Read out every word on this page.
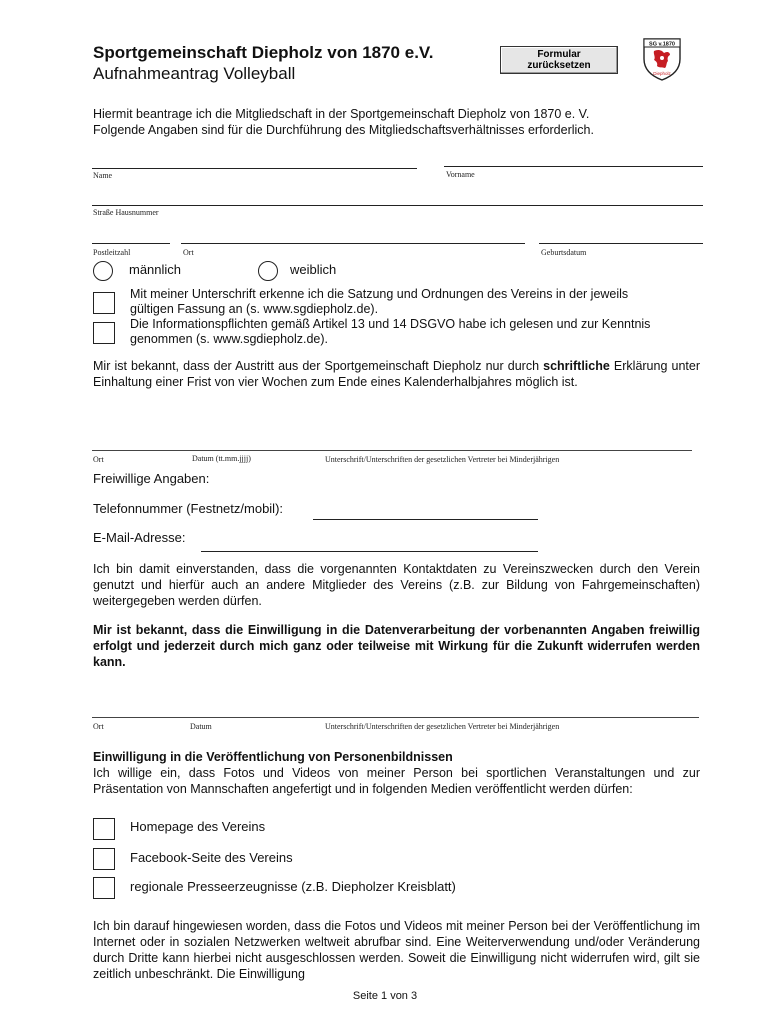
Sportgemeinschaft Diepholz von 1870 e.V.
Aufnahmeantrag Volleyball
Formular zurücksetzen
SG v.1870
Diepholz
Hiermit beantrage ich die Mitgliedschaft in der Sportgemeinschaft Diepholz von 1870 e. V.
Folgende Angaben sind für die Durchführung des Mitgliedschaftsverhältnisses erforderlich.
Name	Vorname
Straße Hausnummer
Postleitzahl	Ort	Geburtsdatum
männlich	weiblich
Mit meiner Unterschrift erkenne ich die Satzung und Ordnungen des Vereins in der jeweils gültigen Fassung an (s. www.sgdiepholz.de).
Die Informationspflichten gemäß Artikel 13 und 14 DSGVO habe ich gelesen und zur Kenntnis genommen (s. www.sgdiepholz.de).
Mir ist bekannt, dass der Austritt aus der Sportgemeinschaft Diepholz nur durch schriftliche Erklärung unter Einhaltung einer Frist von vier Wochen zum Ende eines Kalenderhalbjahres möglich ist.
Ort	Datum (tt.mm.jjjj)	Unterschrift/Unterschriften der gesetzlichen Vertreter bei Minderjährigen
Freiwillige Angaben:
Telefonnummer (Festnetz/mobil):
E-Mail-Adresse:
Ich bin damit einverstanden, dass die vorgenannten Kontaktdaten zu Vereinszwecken durch den Verein genutzt und hierfür auch an andere Mitglieder des Vereins (z.B. zur Bildung von Fahrgemeinschaften) weitergegeben werden dürfen.
Mir ist bekannt, dass die Einwilligung in die Datenverarbeitung der vorbenannten Angaben freiwillig erfolgt und jederzeit durch mich ganz oder teilweise mit Wirkung für die Zukunft widerrufen werden kann.
Ort	Datum	Unterschrift/Unterschriften der gesetzlichen Vertreter bei Minderjährigen
Einwilligung in die Veröffentlichung von Personenbildnissen
Ich willige ein, dass Fotos und Videos von meiner Person bei sportlichen Veranstaltungen und zur Präsentation von Mannschaften angefertigt und in folgenden Medien veröffentlicht werden dürfen:
Homepage des Vereins
Facebook-Seite des Vereins
regionale Presseerzeugnisse (z.B. Diepholzer Kreisblatt)
Ich bin darauf hingewiesen worden, dass die Fotos und Videos mit meiner Person bei der Veröffentlichung im Internet oder in sozialen Netzwerken weltweit abrufbar sind. Eine Weiterverwendung und/oder Veränderung durch Dritte kann hierbei nicht ausgeschlossen werden. Soweit die Einwilligung nicht widerrufen wird, gilt sie zeitlich unbeschränkt. Die Einwilligung
Seite 1 von 3
